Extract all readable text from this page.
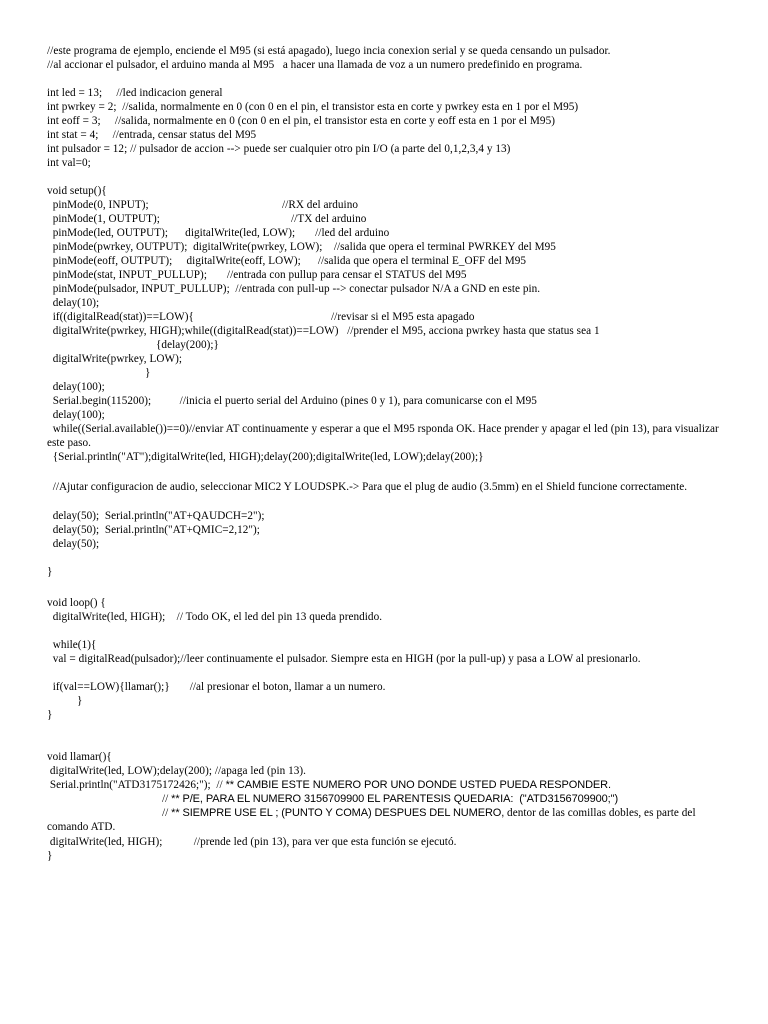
//este programa de ejemplo, enciende el M95 (si está apagado), luego incia conexion serial y se queda censando un pulsador.
//al accionar el pulsador, el arduino manda al M95   a hacer una llamada de voz a un numero predefinido en programa.
int led = 13;     //led indicacion general
int pwrkey = 2;  //salida, normalmente en 0 (con 0 en el pin, el transistor esta en corte y pwrkey esta en 1 por el M95)
int eoff = 3;     //salida, normalmente en 0 (con 0 en el pin, el transistor esta en corte y eoff esta en 1 por el M95)
int stat = 4;     //entrada, censar status del M95
int pulsador = 12; // pulsador de accion --> puede ser cualquier otro pin I/O (a parte del 0,1,2,3,4 y 13)
int val=0;
void setup(){
pinMode(0, INPUT);	//RX del arduino
pinMode(1, OUTPUT);	//TX del arduino
pinMode(led, OUTPUT);      digitalWrite(led, LOW);       //led del arduino
pinMode(pwrkey, OUTPUT);  digitalWrite(pwrkey, LOW);    //salida que opera el terminal PWRKEY del M95
pinMode(eoff, OUTPUT);     digitalWrite(eoff, LOW);      //salida que opera el terminal E_OFF del M95
pinMode(stat, INPUT_PULLUP);       //entrada con pullup para censar el STATUS del M95
pinMode(pulsador, INPUT_PULLUP);  //entrada con pull-up --> conectar pulsador N/A a GND en este pin.
delay(10);
if((digitalRead(stat))==LOW){	//revisar si el M95 esta apagado
digitalWrite(pwrkey, HIGH);while((digitalRead(stat))==LOW)   //prender el M95, acciona pwrkey hasta que status sea 1
{delay(200);}
digitalWrite(pwrkey, LOW);
}
delay(100);
Serial.begin(115200);          //inicia el puerto serial del Arduino (pines 0 y 1), para comunicarse con el M95
delay(100);
while((Serial.available())==0)//enviar AT continuamente y esperar a que el M95 rsponda OK. Hace prender y apagar el led (pin 13), para visualizar este paso.
{Serial.println("AT");digitalWrite(led, HIGH);delay(200);digitalWrite(led, LOW);delay(200);}
//Ajutar configuracion de audio, seleccionar MIC2 Y LOUDSPK.-> Para que el plug de audio (3.5mm) en el Shield funcione correctamente.
delay(50);  Serial.println("AT+QAUDCH=2");
delay(50);  Serial.println("AT+QMIC=2,12");
delay(50);
}
void loop() {
digitalWrite(led, HIGH);    // Todo OK, el led del pin 13 queda prendido.
while(1){
val = digitalRead(pulsador);//leer continuamente el pulsador. Siempre esta en HIGH (por la pull-up) y pasa a LOW al presionarlo.
if(val==LOW){llamar();}       //al presionar el boton, llamar a un numero.
}
}
void llamar(){
digitalWrite(led, LOW);delay(200); //apaga led (pin 13).
Serial.println("ATD3175172426;");  // ** CAMBIE ESTE NUMERO POR UNO DONDE USTED PUEDA RESPONDER.
// ** P/E, PARA EL NUMERO 3156709900 EL PARENTESIS QUEDARIA:  ("ATD3156709900;")
// ** SIEMPRE USE EL ; (PUNTO Y COMA) DESPUES DEL NUMERO, dentor de las comillas dobles, es parte del comando ATD.
digitalWrite(led, HIGH);           //prende led (pin 13), para ver que esta función se ejecutó.
}
